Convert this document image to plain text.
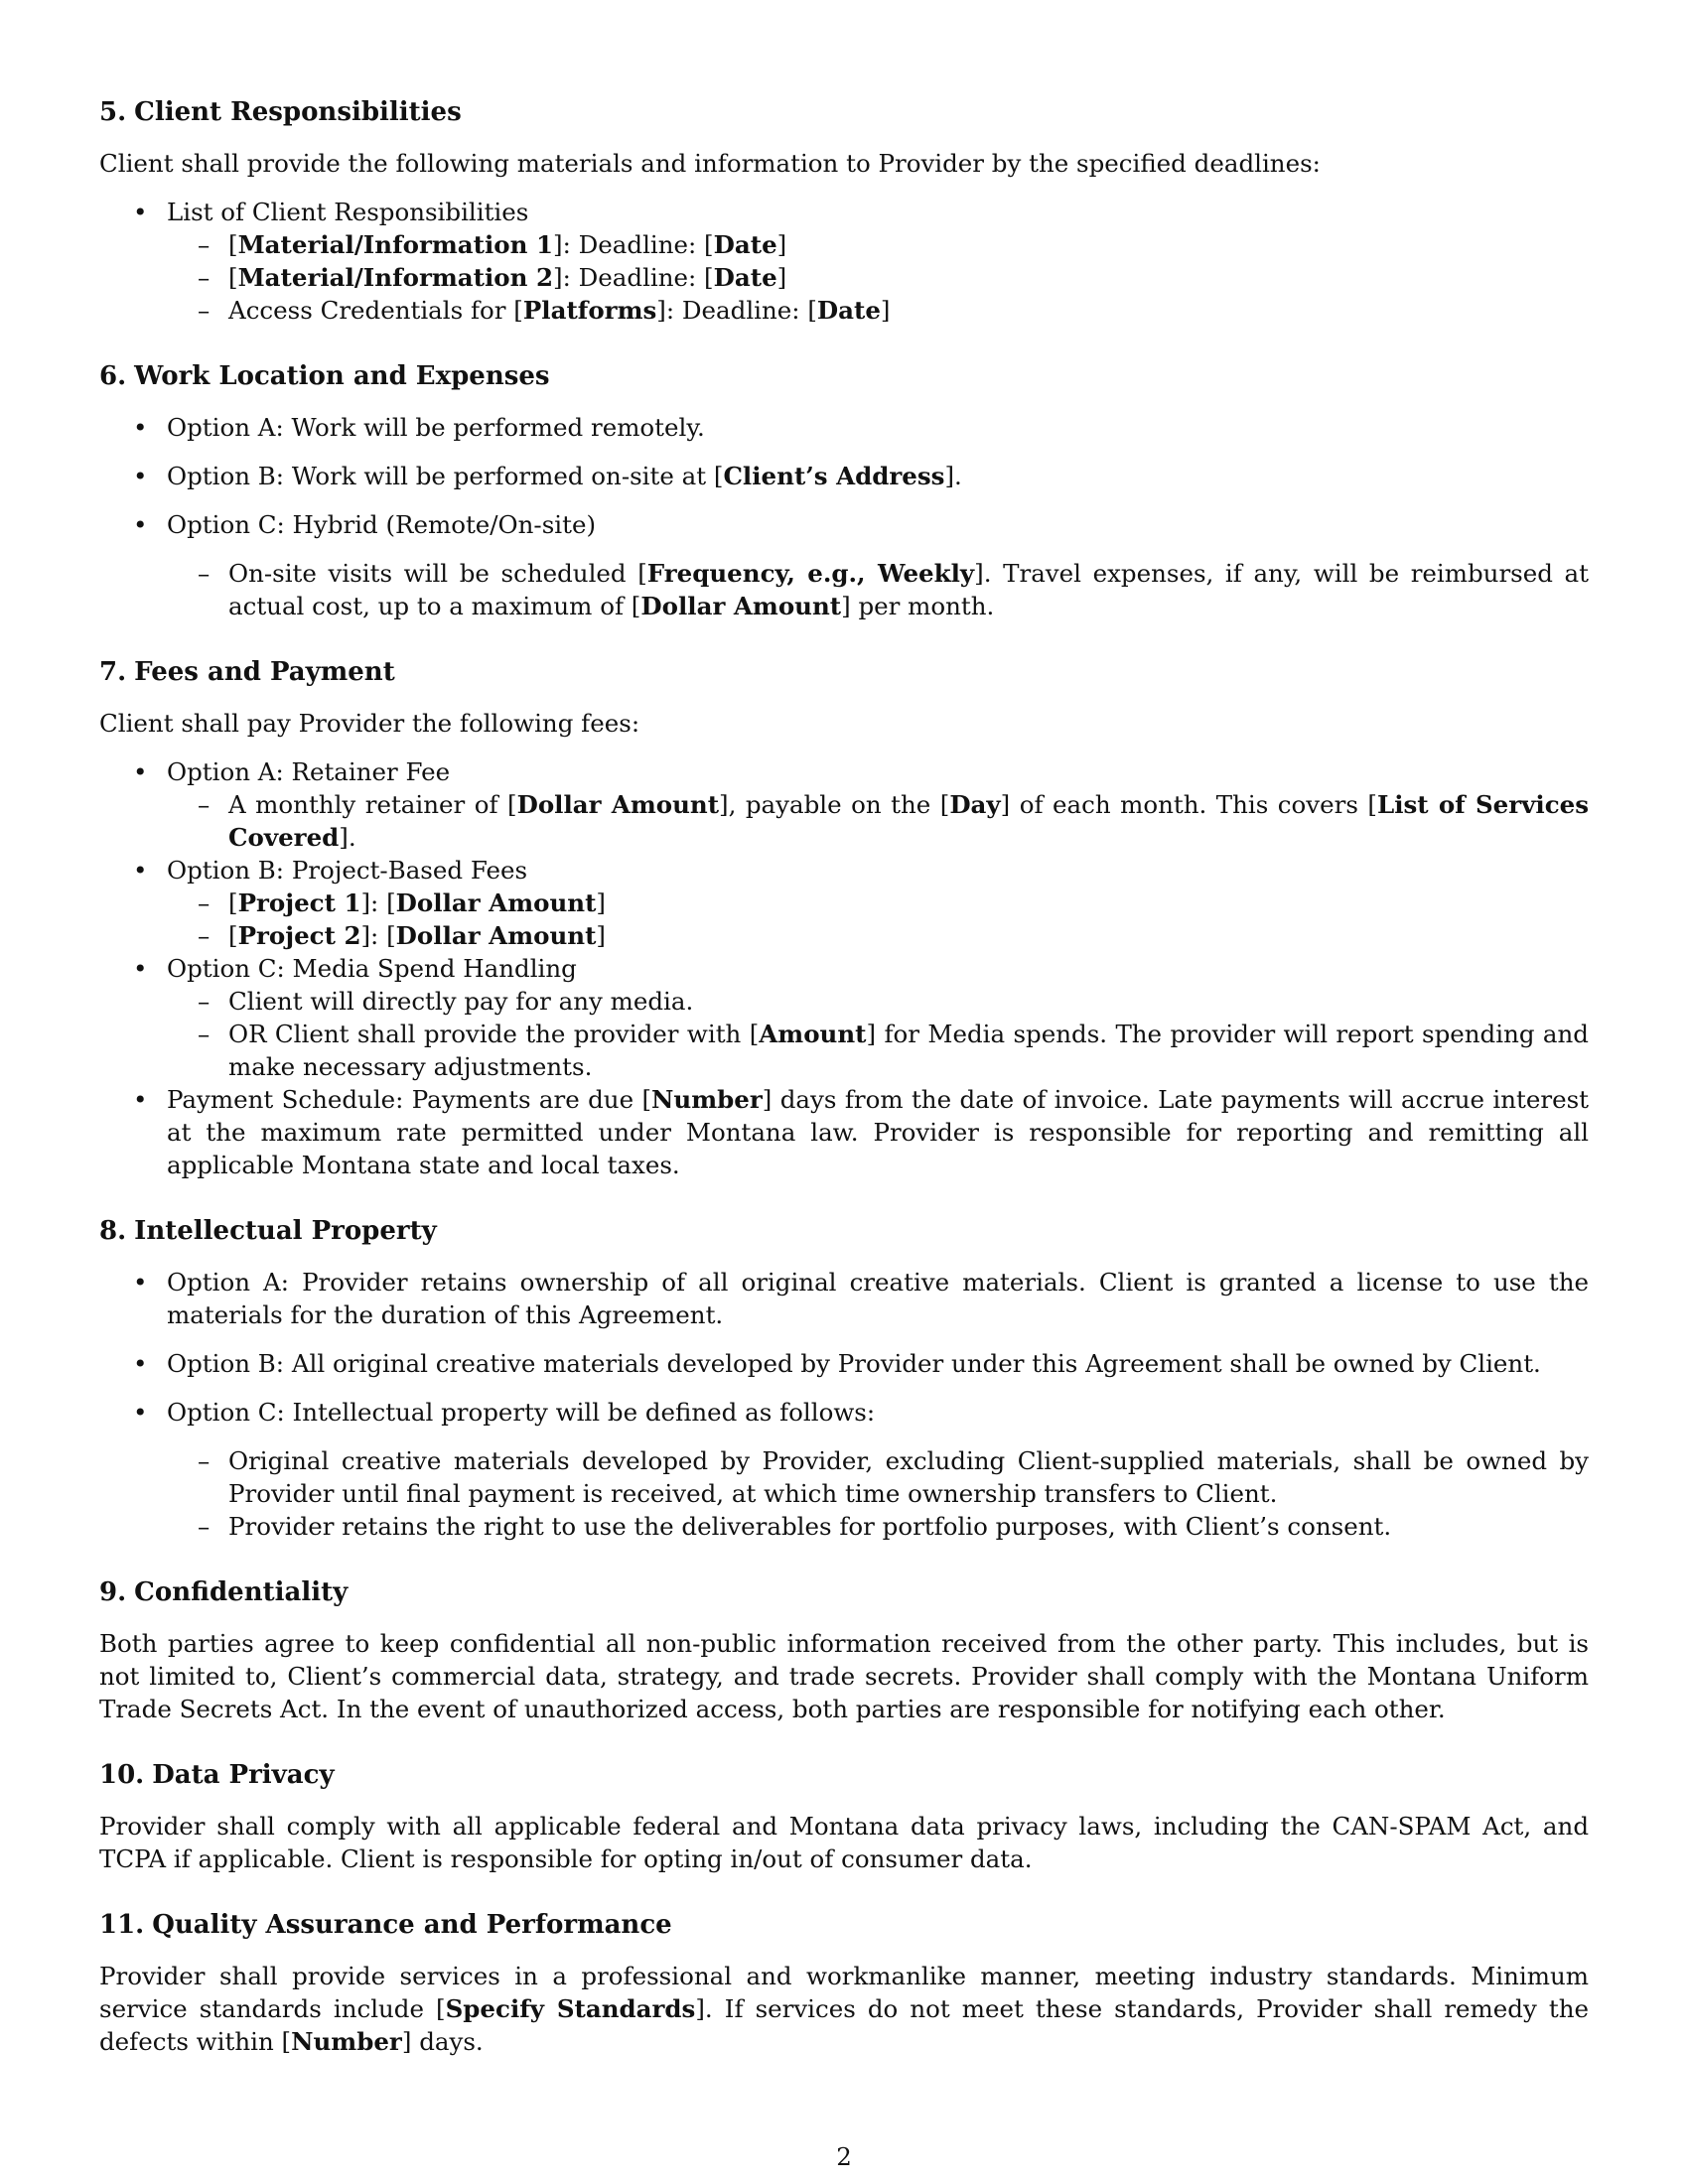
5. Client Responsibilities

Client shall provide the following materials and information to Provider by the specified deadlines:

• List of Client Responsibilities
– [Material/Information 1]: Deadline: [Date]
– [Material/Information 2]: Deadline: [Date]
– Access Credentials for [Platforms]: Deadline: [Date]
6. Work Location and Expenses
• Option A: Work will be performed remotely.
• Option B: Work will be performed on-site at [Client’s Address].
• Option C: Hybrid (Remote/On-site)
– On-site visits will be scheduled [Frequency, e.g., Weekly]. Travel expenses, if any, will be reimbursed at actual cost, up to a maximum of [Dollar Amount] per month.
7. Fees and Payment

Client shall pay Provider the following fees:

• Option A: Retainer Fee
– A monthly retainer of [Dollar Amount], payable on the [Day] of each month. This covers [List of Services Covered].
• Option B: Project-Based Fees
– [Project 1]: [Dollar Amount]
– [Project 2]: [Dollar Amount]
• Option C: Media Spend Handling
– Client will directly pay for any media.
– OR Client shall provide the provider with [Amount] for Media spends. The provider will report spending and make necessary adjustments.
• Payment Schedule: Payments are due [Number] days from the date of invoice. Late payments will accrue interest at the maximum rate permitted under Montana law. Provider is responsible for reporting and remitting all applicable Montana state and local taxes.
8. Intellectual Property
• Option A: Provider retains ownership of all original creative materials. Client is granted a license to use the materials for the duration of this Agreement.
• Option B: All original creative materials developed by Provider under this Agreement shall be owned by Client.
• Option C: Intellectual property will be defined as follows:
– Original creative materials developed by Provider, excluding Client-supplied materials, shall be owned by Provider until final payment is received, at which time ownership transfers to Client.
– Provider retains the right to use the deliverables for portfolio purposes, with Client’s consent.
9. Confidentiality

Both parties agree to keep confidential all non-public information received from the other party. This includes, but is not limited to, Client’s commercial data, strategy, and trade secrets. Provider shall comply with the Montana Uniform Trade Secrets Act. In the event of unauthorized access, both parties are responsible for notifying each other.

10. Data Privacy

Provider shall comply with all applicable federal and Montana data privacy laws, including the CAN-SPAM Act, and TCPA if applicable. Client is responsible for opting in/out of consumer data.

11. Quality Assurance and Performance

Provider shall provide services in a professional and workmanlike manner, meeting industry standards. Minimum service standards include [Specify Standards]. If services do not meet these standards, Provider shall remedy the defects within [Number] days.

2
